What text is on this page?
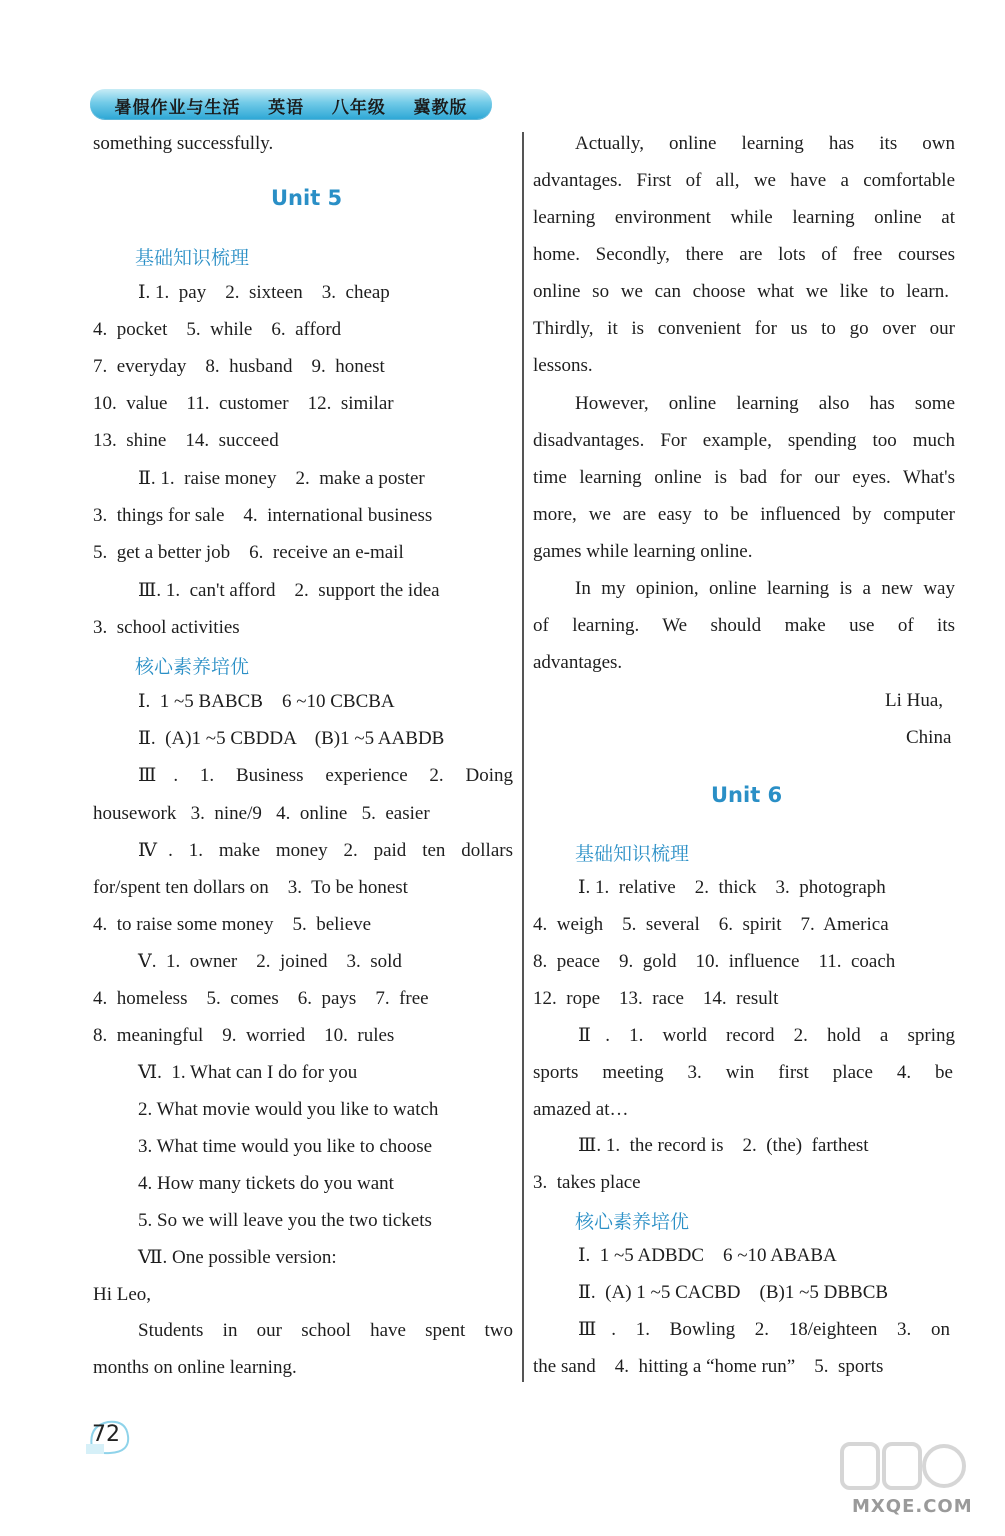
暑假作业与生活    英语    八年级    冀教版
something successfully.
Unit 5
基础知识梳理
Ⅰ. 1.  pay    2.  sixteen    3.  cheap
4.  pocket    5.  while    6.  afford
7.  everyday    8.  husband    9.  honest
10.  value    11.  customer    12.  similar
13.  shine    14.  succeed
Ⅱ. 1.  raise money    2.  make a poster
3.  things for sale    4.  international business
5.  get a better job    6.  receive an e-mail
Ⅲ. 1.  can't afford    2.  support the idea
3.  school activities
核心素养培优
Ⅰ.  1 ~5 BABCB    6 ~10 CBCBA
Ⅱ.  (A)1 ~5 CBDDA    (B)1 ~5 AABDB
Ⅲ. 1. Business experience 2. Doing
housework   3.  nine/9   4.  online   5.  easier
Ⅳ. 1. make money 2. paid ten dollars
for/spent ten dollars on    3.  To be honest
4.  to raise some money    5.  believe
Ⅴ.  1.  owner    2.  joined    3.  sold
4.  homeless    5.  comes    6.  pays    7.  free
8.  meaningful    9.  worried    10.  rules
Ⅵ.  1. What can I do for you
2. What movie would you like to watch
3. What time would you like to choose
4. How many tickets do you want
5. So we will leave you the two tickets
Ⅶ. One possible version:
Hi Leo,
Students in our school have spent two
months on online learning.
Actually, online learning has its own
advantages. First of all, we have a comfortable
learning environment while learning online at
home. Secondly, there are lots of free courses
online so we can choose what we like to learn.
Thirdly, it is convenient for us to go over our
lessons.
However, online learning also has some
disadvantages. For example, spending too much
time learning online is bad for our eyes. What's
more, we are easy to be influenced by computer
games while learning online.
In my opinion, online learning is a new way
of learning. We should make use of its
advantages.
Li Hua,
China
Unit 6
基础知识梳理
Ⅰ. 1.  relative    2.  thick    3.  photograph
4.  weigh    5.  several    6.  spirit    7.  America
8.  peace    9.  gold    10.  influence    11.  coach
12.  rope    13.  race    14.  result
Ⅱ. 1. world record 2. hold a spring
sports meeting 3. win first place 4. be
amazed at…
Ⅲ. 1.  the record is    2.  (the)  farthest
3.  takes place
核心素养培优
Ⅰ.  1 ~5 ADBDC    6 ~10 ABABA
Ⅱ.  (A) 1 ~5 CACBD    (B)1 ~5 DBBCB
Ⅲ. 1. Bowling 2. 18/eighteen 3. on
the sand    4.  hitting a “home run”    5.  sports
72
MXQE.COM
